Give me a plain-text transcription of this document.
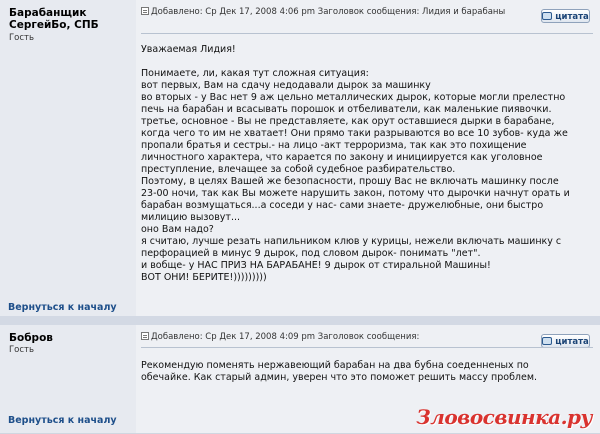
Барабанщик СергейБо, СПБ
Гость
Добавлено: Ср Дек 17, 2008 4:06 pm Заголовок сообщения: Лидия и барабаны	цитата
Уважаемая Лидия!

Понимаете, ли, какая тут сложная ситуация:
вот первых, Вам на сдачу недодавали дырок за машинку
во вторых - у Вас нет 9 аж цельно металлических дырок, которые могли прелестно печь на барабан и всасывать порошок и отбеливатели, как маленькие пиявочки.
третье, основное - Вы не представляете, как орут оставшиеся дырки в барабане, когда чего то им не хватает! Они прямо таки разрываются во все 10 зубов- куда же пропали братья и сестры.- на лицо -акт терроризма, так как это похищение личностного характера, что карается по закону и инициируется как уголовное преступление, влечащее за собой судебное разбирательство.
Поэтому, в целях Вашей же безопасности, прошу Вас не включать машинку после 23-00 ночи, так как Вы можете нарушить закон, потому что дырочки начнут орать и барабан возмущаться...а соседи у нас- сами знаете- дружелюбные, они быстро милицию вызовут...
оно Вам надо?
я считаю, лучше резать напильником клюв у курицы, нежели включать машинку с перфорацией в минус 9 дырок, под словом дырок- понимать "лет".
и вобще- у НАС ПРИЗ НА БАРАБАНЕ! 9 дырок от стиральной Машины!
ВОТ ОНИ! БЕРИТЕ!)))))))))
Вернуться к началу
Бобров
Гость
Добавлено: Ср Дек 17, 2008 4:09 pm Заголовок сообщения:	цитата
Рекомендую поменять нержавеющий барабан на два бубна соеденненых по обечайке. Как старый админ, уверен что это поможет решить массу проблем.
Вернуться к началу	Зловосвинка.ру
